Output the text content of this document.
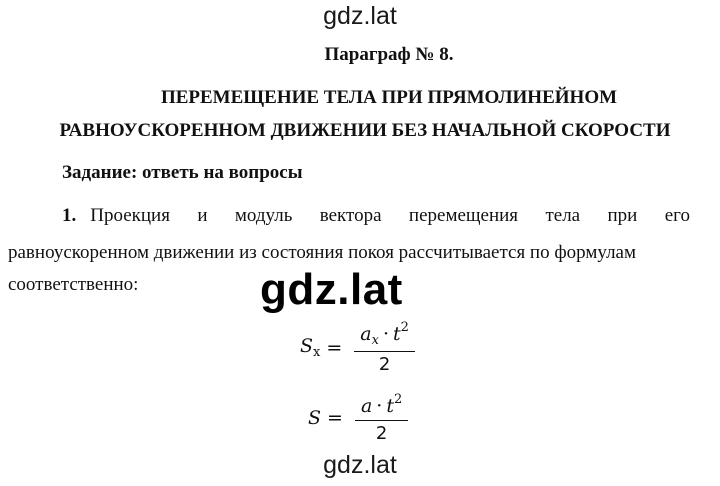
gdz.lat
Параграф № 8.
ПЕРЕМЕЩЕНИЕ ТЕЛА ПРИ ПРЯМОЛИНЕЙНОМ
РАВНОУСКОРЕННОМ ДВИЖЕНИИ БЕЗ НАЧАЛЬНОЙ СКОРОСТИ
Задание: ответь на вопросы
1. Проекция и модуль вектора перемещения тела при его
равноускоренном движении из состояния покоя рассчитывается по формулам
соответственно:	gdz.lat
$S_x = \frac{a_x \cdot t^2}{2}$
$S = \frac{a \cdot t^2}{2}$
gdz.lat
